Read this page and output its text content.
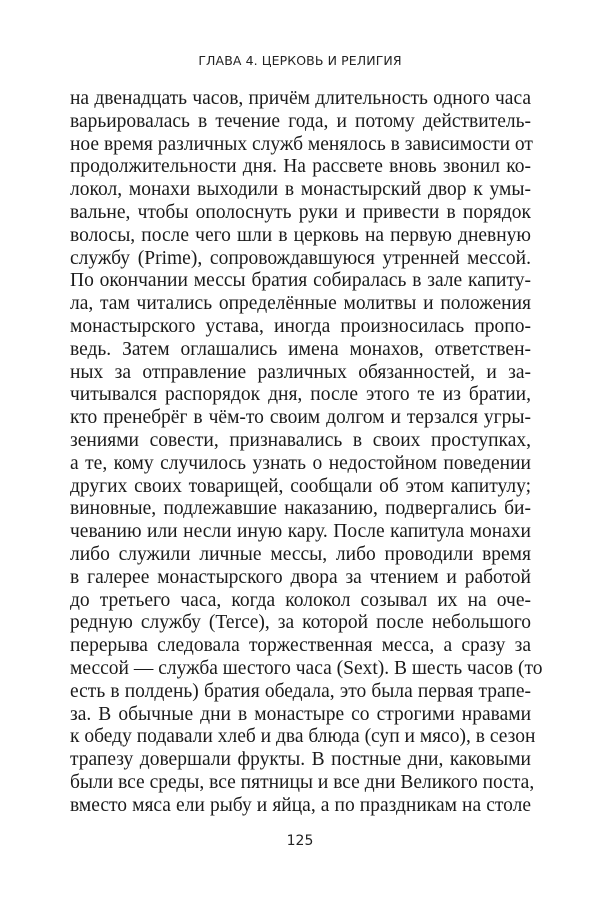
ГЛАВА 4. ЦЕРКОВЬ И РЕЛИГИЯ
на двенадцать часов, причём длительность одного часа
варьировалась в течение года, и потому действитель-
ное время различных служб менялось в зависимости от
продолжительности дня. На рассвете вновь звонил ко-
локол, монахи выходили в монастырский двор к умы-
вальне, чтобы ополоснуть руки и привести в порядок
волосы, после чего шли в церковь на первую дневную
службу (Prime), сопровождавшуюся утренней мессой.
По окончании мессы братия собиралась в зале капиту-
ла, там читались определённые молитвы и положения
монастырского устава, иногда произносилась пропо-
ведь. Затем оглашались имена монахов, ответствен-
ных за отправление различных обязанностей, и за-
читывался распорядок дня, после этого те из братии,
кто пренебрёг в чём-то своим долгом и терзался угры-
зениями совести, признавались в своих проступках,
а те, кому случилось узнать о недостойном поведении
других своих товарищей, сообщали об этом капитулу;
виновные, подлежавшие наказанию, подвергались би-
чеванию или несли иную кару. После капитула монахи
либо служили личные мессы, либо проводили время
в галерее монастырского двора за чтением и работой
до третьего часа, когда колокол созывал их на оче-
редную службу (Terce), за которой после небольшого
перерыва следовала торжественная месса, а сразу за
мессой — служба шестого часа (Sext). В шесть часов (то
есть в полдень) братия обедала, это была первая трапе-
за. В обычные дни в монастыре со строгими нравами
к обеду подавали хлеб и два блюда (суп и мясо), в сезон
трапезу довершали фрукты. В постные дни, каковыми
были все среды, все пятницы и все дни Великого поста,
вместо мяса ели рыбу и яйца, а по праздникам на столе
125
